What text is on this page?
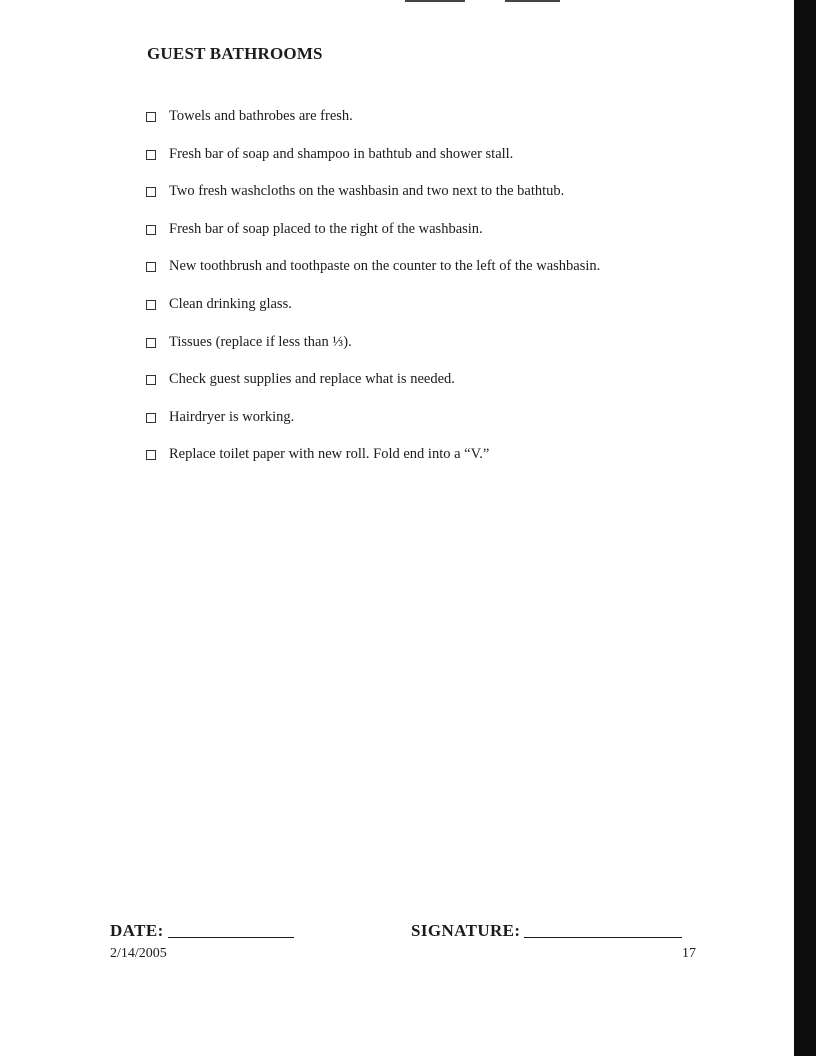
GUEST BATHROOMS
Towels and bathrobes are fresh.
Fresh bar of soap and shampoo in bathtub and shower stall.
Two fresh washcloths on the washbasin and two next to the bathtub.
Fresh bar of soap placed to the right of the washbasin.
New toothbrush and toothpaste on the counter to the left of the washbasin.
Clean drinking glass.
Tissues (replace if less than ⅓).
Check guest supplies and replace what is needed.
Hairdryer is working.
Replace toilet paper with new roll. Fold end into a “V.”
DATE:	SIGNATURE:
2/14/2005	17
